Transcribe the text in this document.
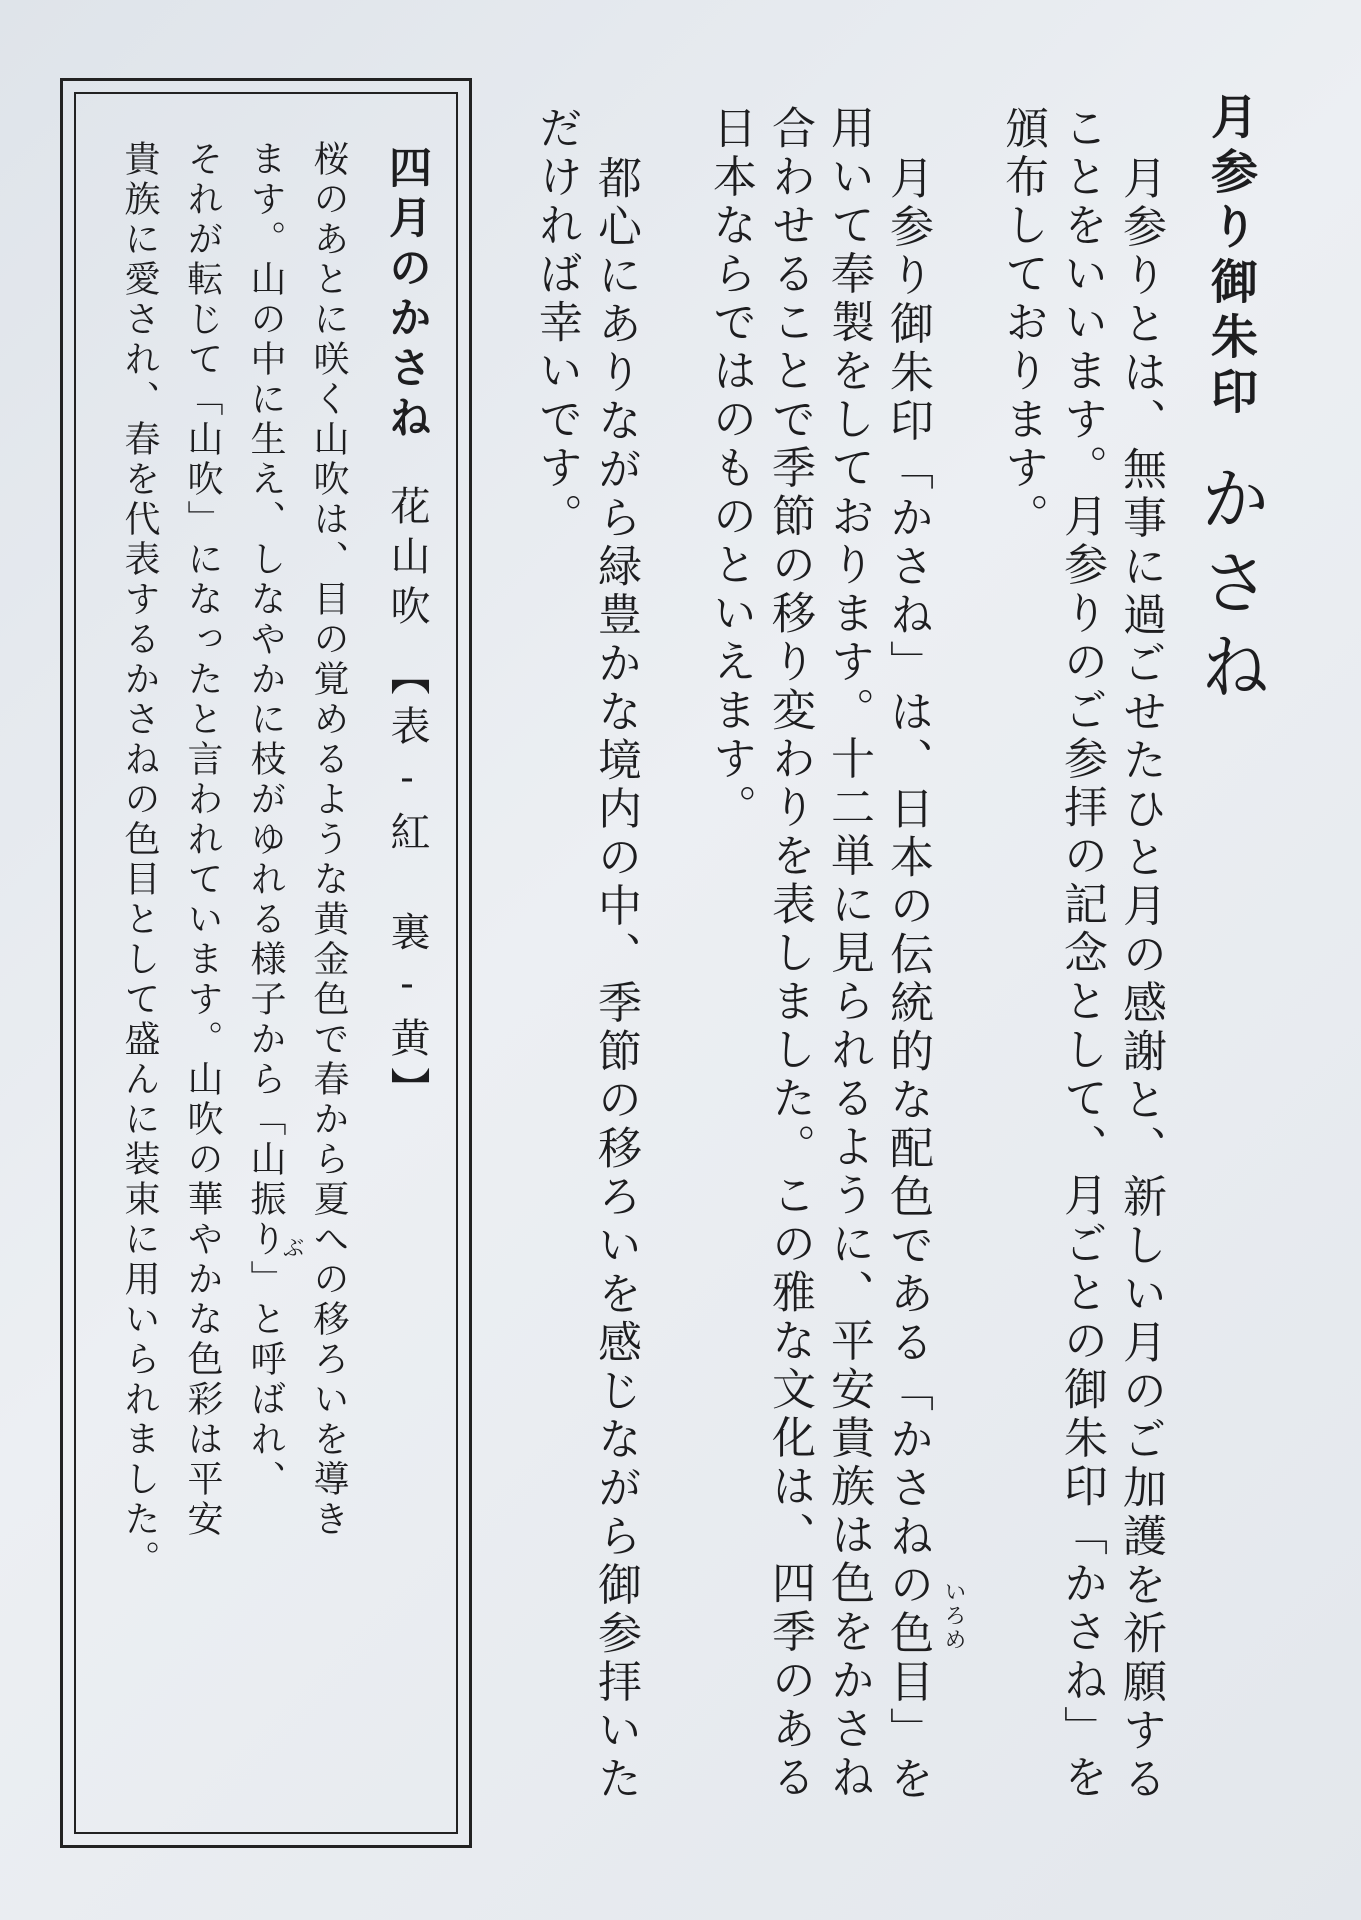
月参り御朱印かさね
月参りとは、無事に過ごせたひと月の感謝と、新しい月のご加護を祈願する
ことをいいます。月参りのご参拝の記念として、月ごとの御朱印「かさね」を
頒布しております。
月参り御朱印「かさね」は、日本の伝統的な配色である「かさねの色目」を
用いて奉製をしております。十二単に見られるように、平安貴族は色をかさね
合わせることで季節の移り変わりを表しました。この雅な文化は、四季のある
日本ならではのものといえます。
いろめ
都心にありながら緑豊かな境内の中、季節の移ろいを感じながら御参拝いた
だければ幸いです。
四月のかさね花山吹【表-紅　裏-黄】
桜のあとに咲く山吹は、目の覚めるような黄金色で春から夏への移ろいを導き
ます。山の中に生え、しなやかに枝がゆれる様子から「山振り」と呼ばれ、
それが転じて「山吹」になったと言われています。山吹の華やかな色彩は平安
貴族に愛され、春を代表するかさねの色目として盛んに装束に用いられました。	ぶ
